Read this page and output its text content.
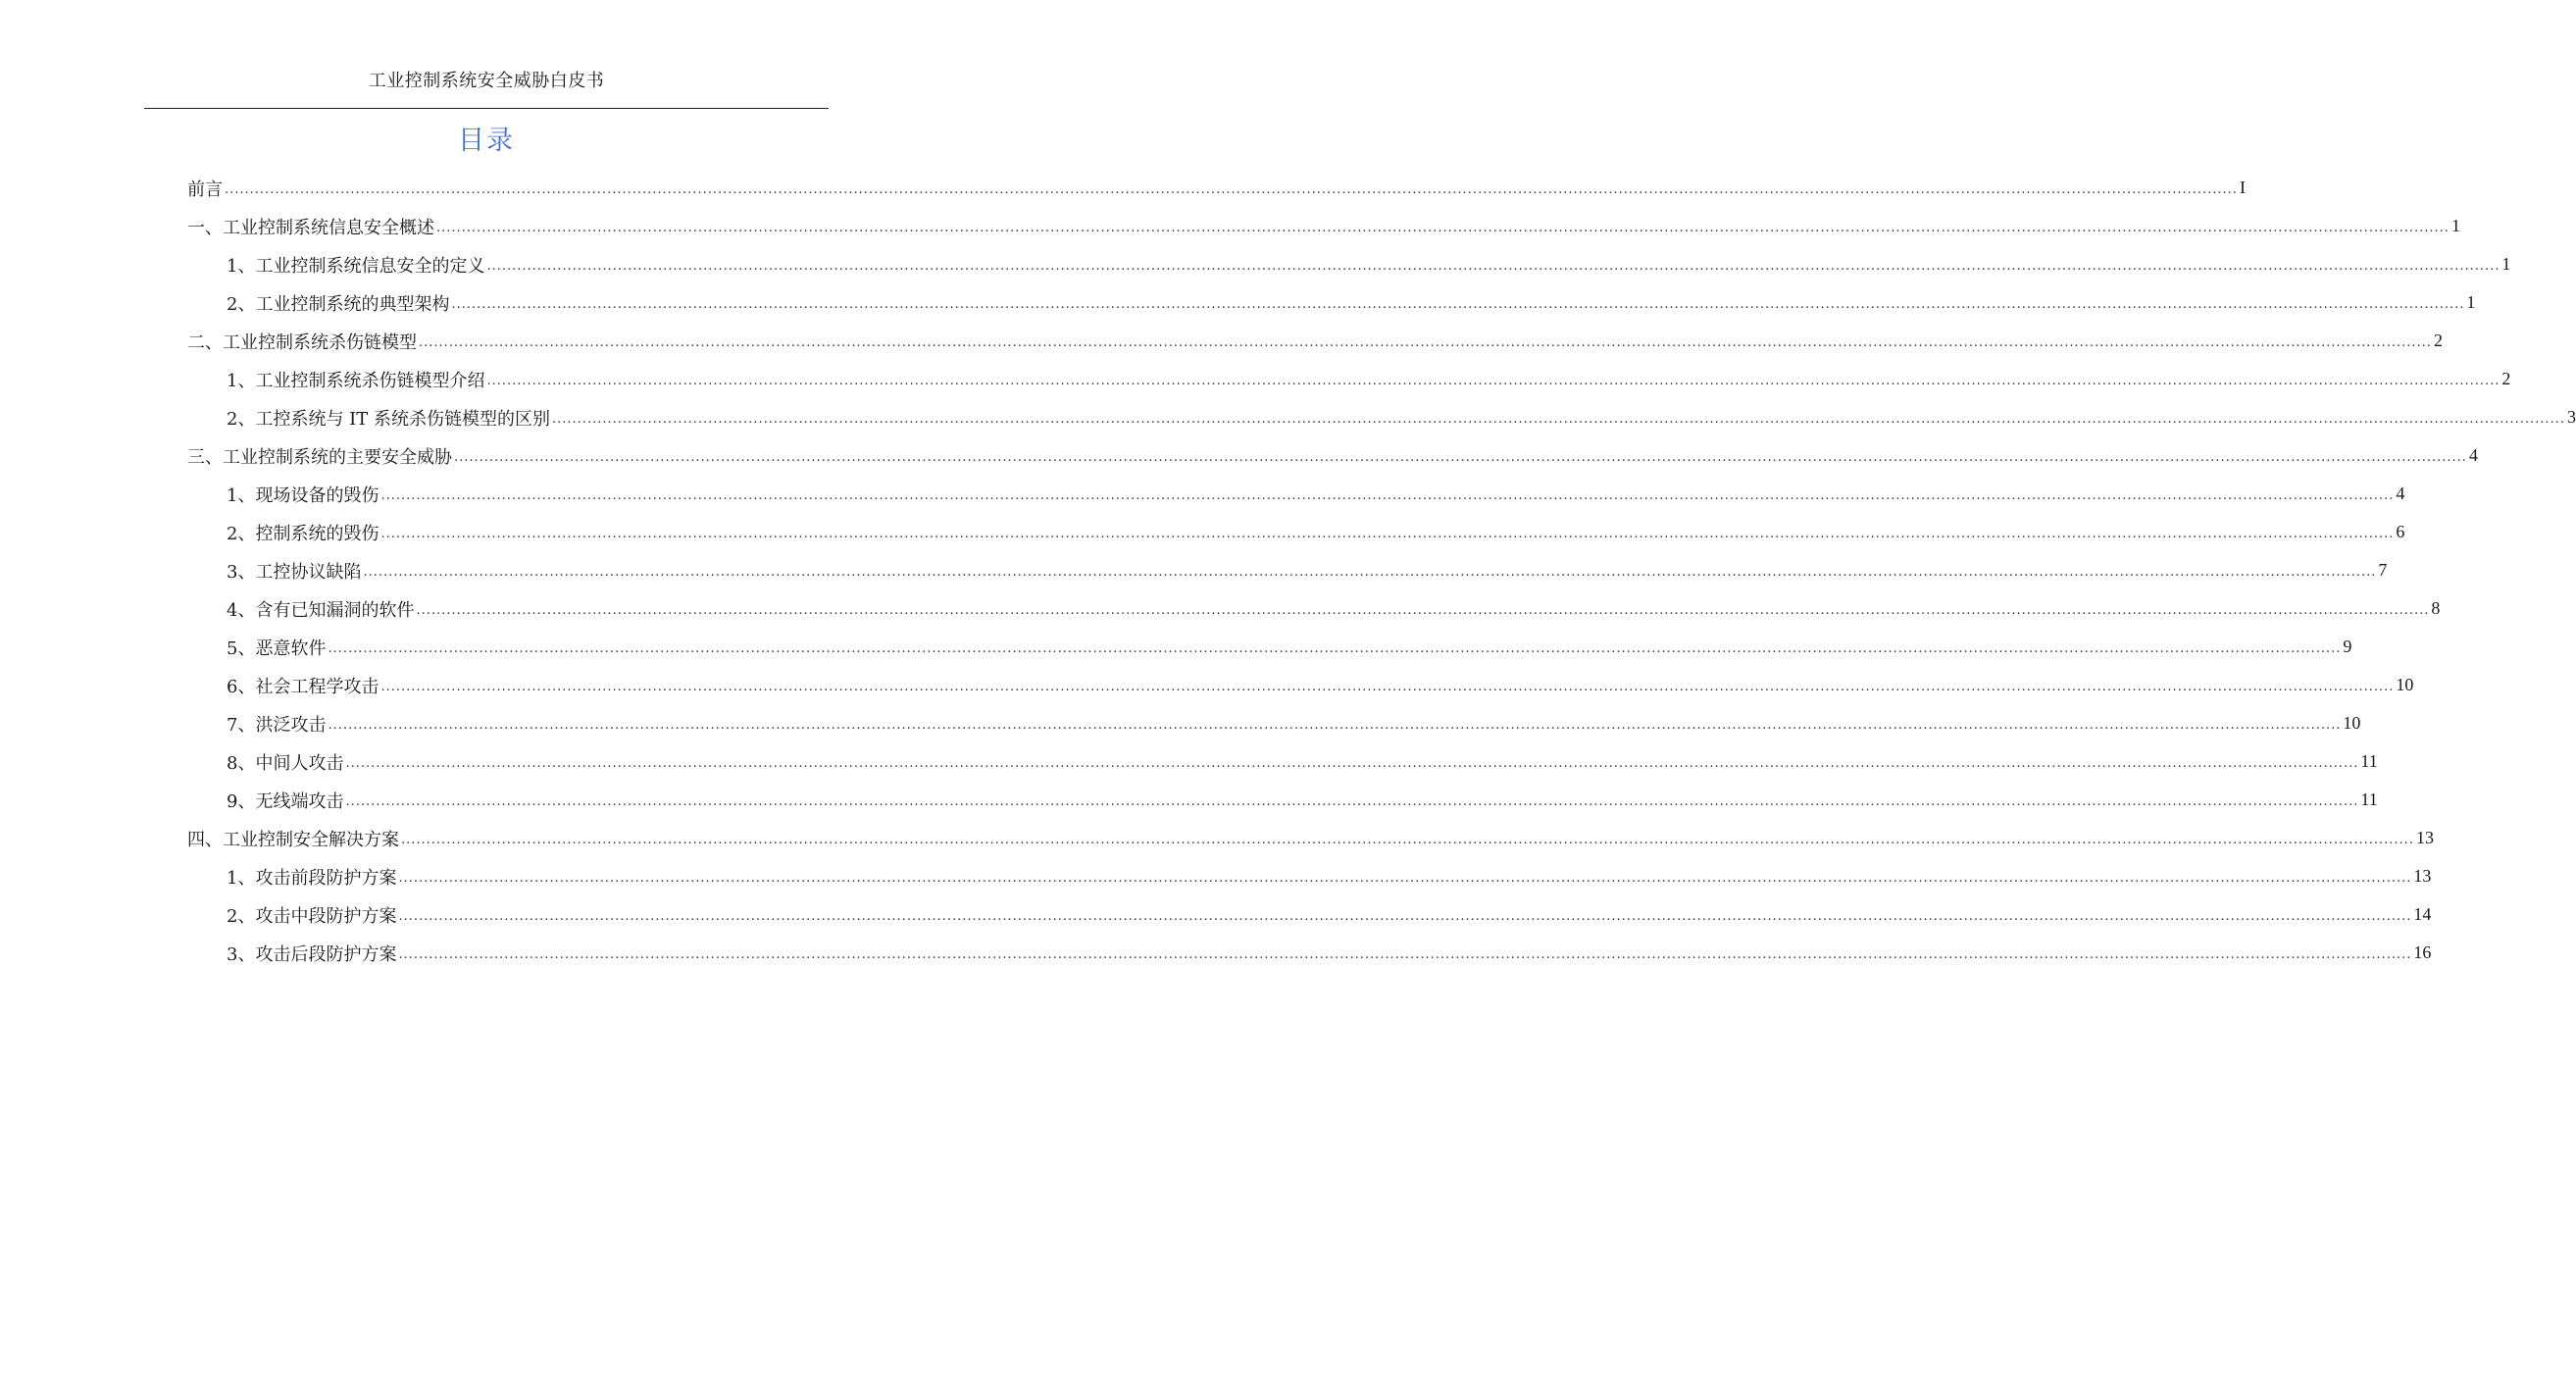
工业控制系统安全威胁白皮书
目录
前言 ................................................................................................................................................................................................................................................................................................................................................................................................................ I
一、工业控制系统信息安全概述 ................................................................................................................................................................................................................................................................................................................................................................................................................ 1
1、工业控制系统信息安全的定义 ................................................................................................................................................................................................................................................................................................................................................................................................................ 1
2、工业控制系统的典型架构 ................................................................................................................................................................................................................................................................................................................................................................................................................ 1
二、工业控制系统杀伤链模型 ................................................................................................................................................................................................................................................................................................................................................................................................................ 2
1、工业控制系统杀伤链模型介绍 ................................................................................................................................................................................................................................................................................................................................................................................................................ 2
2、工控系统与 IT 系统杀伤链模型的区别 ................................................................................................................................................................................................................................................................................................................................................................................................................ 3
三、工业控制系统的主要安全威胁 ................................................................................................................................................................................................................................................................................................................................................................................................................ 4
1、现场设备的毁伤 ................................................................................................................................................................................................................................................................................................................................................................................................................ 4
2、控制系统的毁伤 ................................................................................................................................................................................................................................................................................................................................................................................................................ 6
3、工控协议缺陷 ................................................................................................................................................................................................................................................................................................................................................................................................................ 7
4、含有已知漏洞的软件 ................................................................................................................................................................................................................................................................................................................................................................................................................ 8
5、恶意软件 ................................................................................................................................................................................................................................................................................................................................................................................................................ 9
6、社会工程学攻击 ................................................................................................................................................................................................................................................................................................................................................................................................................ 10
7、洪泛攻击 ................................................................................................................................................................................................................................................................................................................................................................................................................ 10
8、中间人攻击 ................................................................................................................................................................................................................................................................................................................................................................................................................ 11
9、无线端攻击 ................................................................................................................................................................................................................................................................................................................................................................................................................ 11
四、工业控制安全解决方案 ................................................................................................................................................................................................................................................................................................................................................................................................................ 13
1、攻击前段防护方案 ................................................................................................................................................................................................................................................................................................................................................................................................................ 13
2、攻击中段防护方案 ................................................................................................................................................................................................................................................................................................................................................................................................................ 14
3、攻击后段防护方案 ................................................................................................................................................................................................................................................................................................................................................................................................................ 16
